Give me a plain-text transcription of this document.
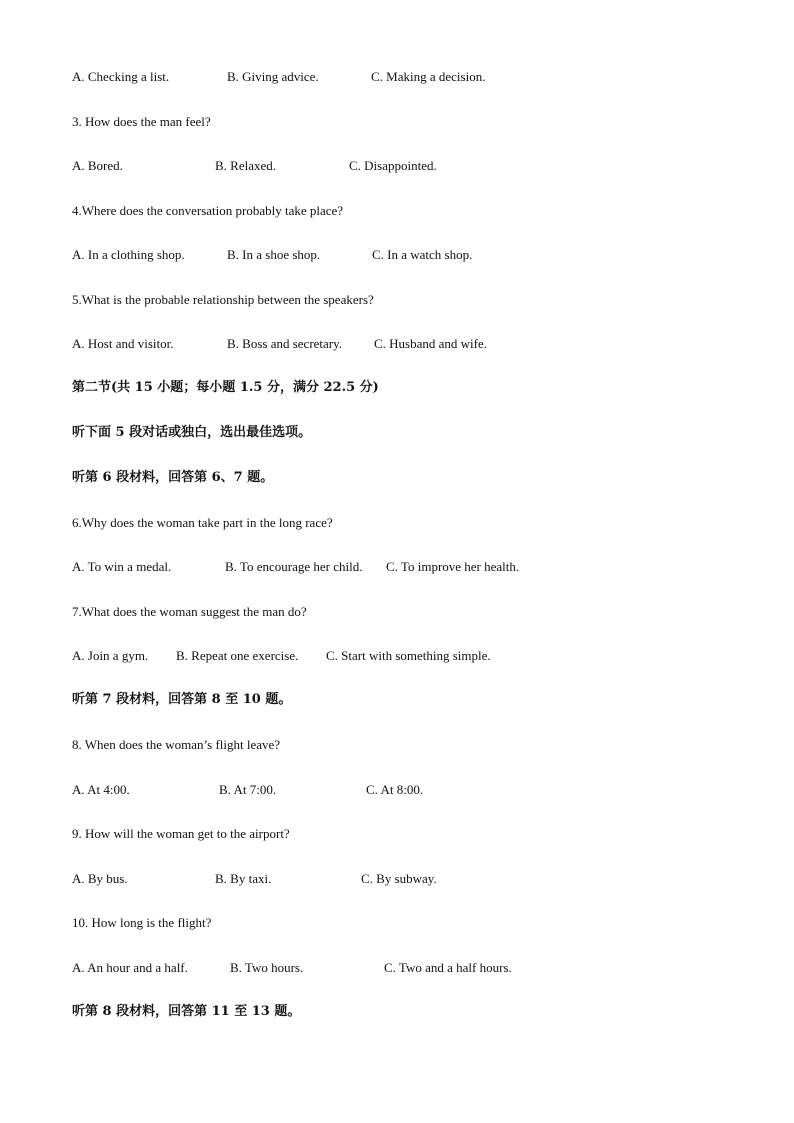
A. Checking a list.	B. Giving advice.	C. Making a decision.
3. How does the man feel?
A. Bored.	B. Relaxed.	C. Disappointed.
4.Where does the conversation probably take place?
A. In a clothing shop.	B. In a shoe shop.	C. In a watch shop.
5.What is the probable relationship between the speakers?
A. Host and visitor.	B. Boss and secretary. C. Husband and wife.
第二节(共 15 小题；每小题 1.5 分，满分 22.5 分)
听下面 5 段对话或独白，选出最佳选项。
听第 6 段材料，回答第 6、7 题。
6.Why does the woman take part in the long race?
A. To win a medal.	B. To encourage her child. C. To improve her health.
7.What does the woman suggest the man do?
A. Join a gym. B. Repeat one exercise. C. Start with something simple.
听第 7 段材料，回答第 8 至 10 题。
8. When does the woman’s flight leave?
A. At 4:00.	B. At 7:00.	C. At 8:00.
9. How will the woman get to the airport?
A. By bus.	B. By taxi.	C. By subway.
10. How long is the flight?
A. An hour and a half.	B. Two hours.	C. Two and a half hours.
听第 8 段材料，回答第 11 至 13 题。
